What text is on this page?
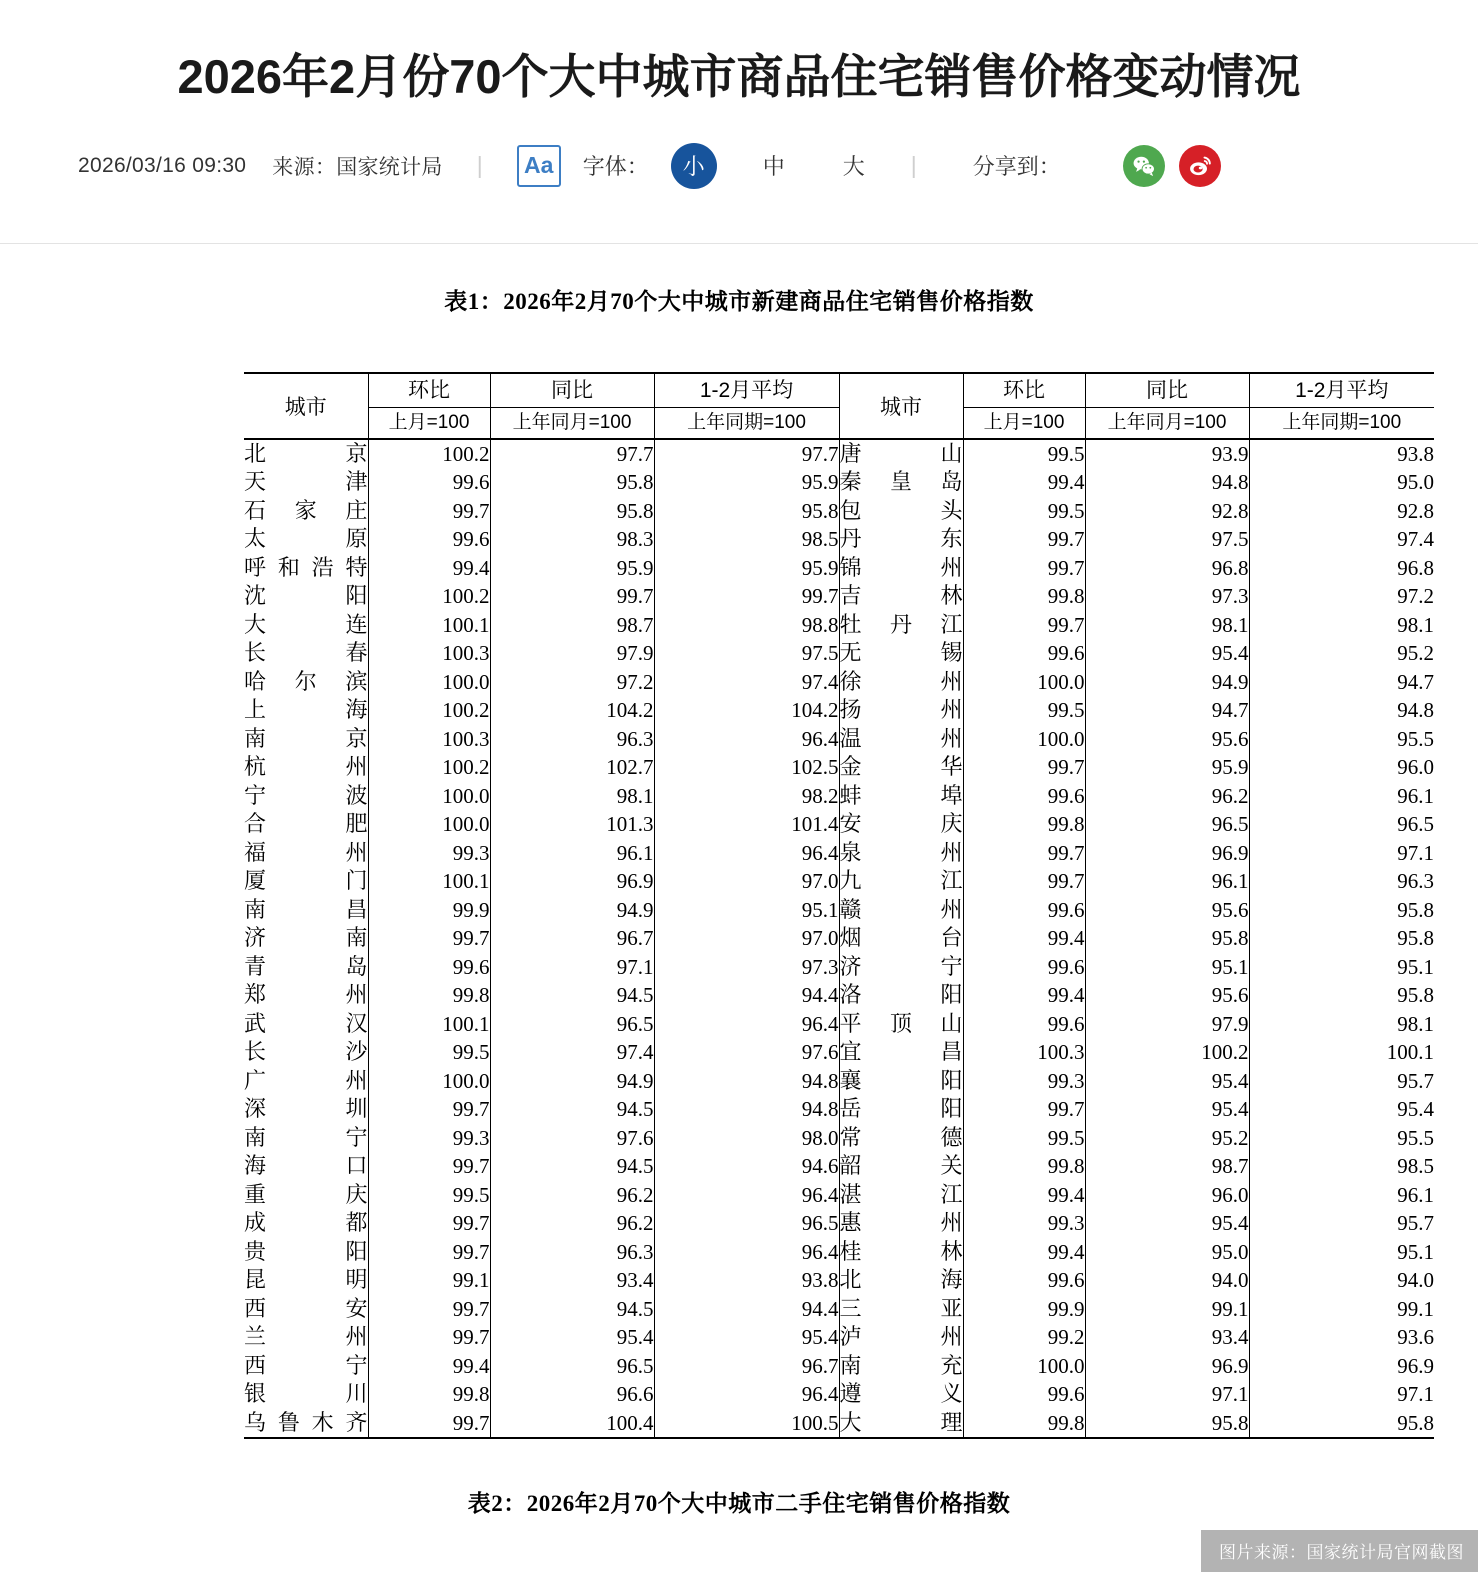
2026年2月份70个大中城市商品住宅销售价格变动情况
2026/03/16 09:30 来源：国家统计局 |	Aa	字体：	小	中	大	|	分享到：
表1：2026年2月70个大中城市新建商品住宅销售价格指数
城市	环比	同比	1-2月平均	城市	环比	同比	1-2月平均
	上月=100	上年同月=100	上年同期=100		上月=100	上年同月=100	上年同期=100
北京	100.2	97.7	97.7	唐山	99.5	93.9	93.8
天津	99.6	95.8	95.9	秦皇岛	99.4	94.8	95.0
石家庄	99.7	95.8	95.8	包头	99.5	92.8	92.8
太原	99.6	98.3	98.5	丹东	99.7	97.5	97.4
呼和浩特	99.4	95.9	95.9	锦州	99.7	96.8	96.8
沈阳	100.2	99.7	99.7	吉林	99.8	97.3	97.2
大连	100.1	98.7	98.8	牡丹江	99.7	98.1	98.1
长春	100.3	97.9	97.5	无锡	99.6	95.4	95.2
哈尔滨	100.0	97.2	97.4	徐州	100.0	94.9	94.7
上海	100.2	104.2	104.2	扬州	99.5	94.7	94.8
南京	100.3	96.3	96.4	温州	100.0	95.6	95.5
杭州	100.2	102.7	102.5	金华	99.7	95.9	96.0
宁波	100.0	98.1	98.2	蚌埠	99.6	96.2	96.1
合肥	100.0	101.3	101.4	安庆	99.8	96.5	96.5
福州	99.3	96.1	96.4	泉州	99.7	96.9	97.1
厦门	100.1	96.9	97.0	九江	99.7	96.1	96.3
南昌	99.9	94.9	95.1	赣州	99.6	95.6	95.8
济南	99.7	96.7	97.0	烟台	99.4	95.8	95.8
青岛	99.6	97.1	97.3	济宁	99.6	95.1	95.1
郑州	99.8	94.5	94.4	洛阳	99.4	95.6	95.8
武汉	100.1	96.5	96.4	平顶山	99.6	97.9	98.1
长沙	99.5	97.4	97.6	宜昌	100.3	100.2	100.1
广州	100.0	94.9	94.8	襄阳	99.3	95.4	95.7
深圳	99.7	94.5	94.8	岳阳	99.7	95.4	95.4
南宁	99.3	97.6	98.0	常德	99.5	95.2	95.5
海口	99.7	94.5	94.6	韶关	99.8	98.7	98.5
重庆	99.5	96.2	96.4	湛江	99.4	96.0	96.1
成都	99.7	96.2	96.5	惠州	99.3	95.4	95.7
贵阳	99.7	96.3	96.4	桂林	99.4	95.0	95.1
昆明	99.1	93.4	93.8	北海	99.6	94.0	94.0
西安	99.7	94.5	94.4	三亚	99.9	99.1	99.1
兰州	99.7	95.4	95.4	泸州	99.2	93.4	93.6
西宁	99.4	96.5	96.7	南充	100.0	96.9	96.9
银川	99.8	96.6	96.4	遵义	99.6	97.1	97.1
乌鲁木齐	99.7	100.4	100.5	大理	99.8	95.8	95.8
表2：2026年2月70个大中城市二手住宅销售价格指数
图片来源：国家统计局官网截图
